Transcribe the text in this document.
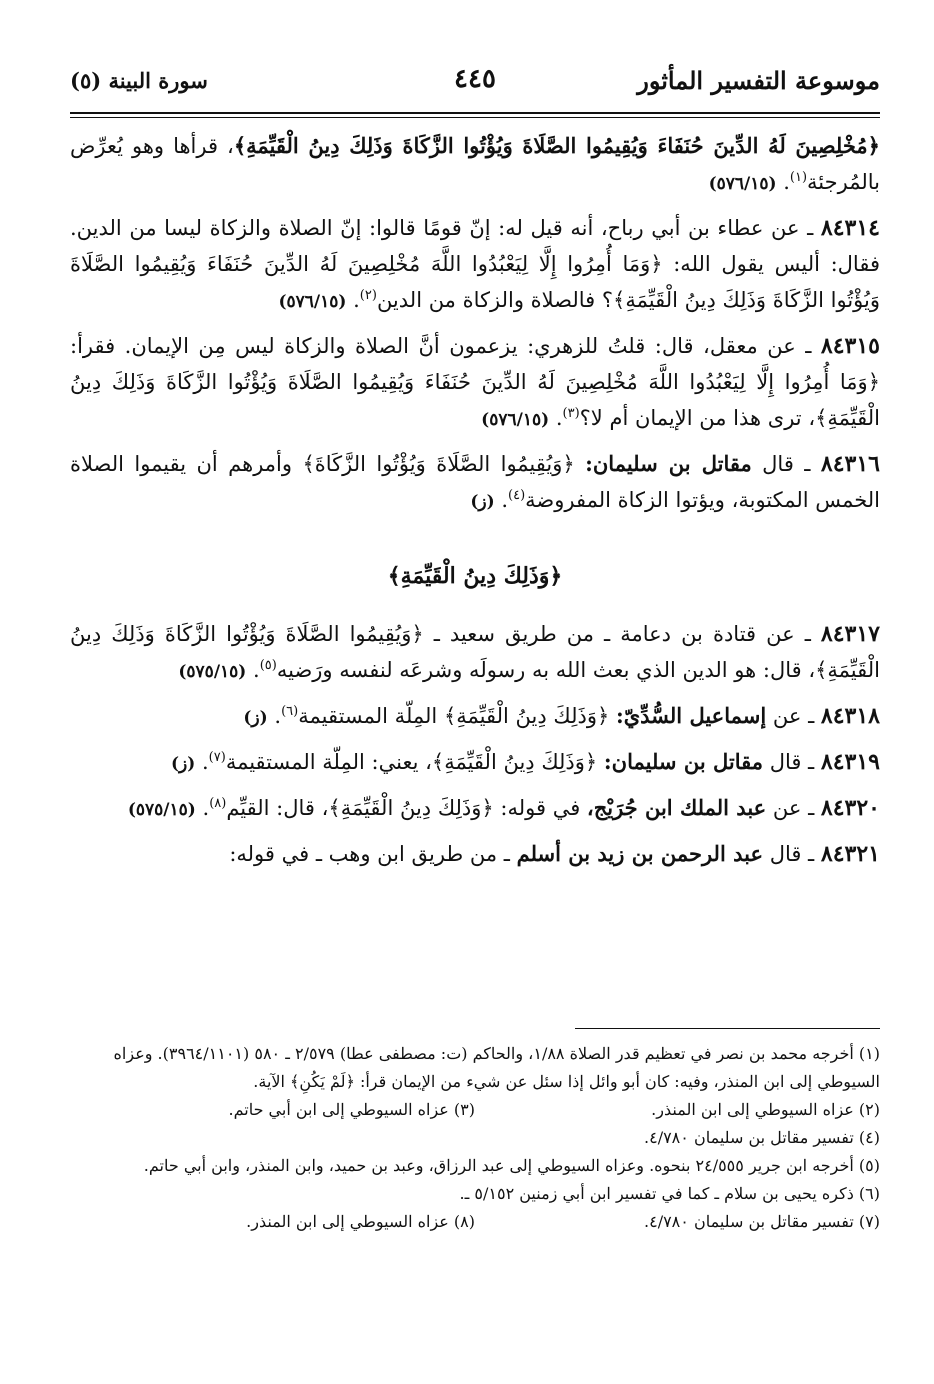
موسوعة التفسير المأثور
٤٤٥
سورة البينة (٥)

﴿مُخْلِصِينَ لَهُ الدِّينَ حُنَفَاءَ وَيُقِيمُوا الصَّلَاةَ وَيُؤْتُوا الزَّكَاةَ وَذَلِكَ دِينُ الْقَيِّمَةِ﴾، قرأها وهو يُعرِّض بالمُرجئة$^{(١)}$. (٥٧٦/١٥)

٨٤٣١٤ ـ عن عطاء بن أبي رباح، أنه قيل له: إنّ قومًا قالوا: إنّ الصلاة والزكاة ليسا من الدين. فقال: أليس يقول الله: ﴿وَمَا أُمِرُوا إِلَّا لِيَعْبُدُوا اللَّهَ مُخْلِصِينَ لَهُ الدِّينَ حُنَفَاءَ وَيُقِيمُوا الصَّلَاةَ وَيُؤْتُوا الزَّكَاةَ وَذَلِكَ دِينُ الْقَيِّمَةِ﴾؟ فالصلاة والزكاة من الدين$^{(٢)}$. (٥٧٦/١٥)

٨٤٣١٥ ـ عن معقل، قال: قلتُ للزهري: يزعمون أنَّ الصلاة والزكاة ليس مِن الإيمان. فقرأ: ﴿وَمَا أُمِرُوا إِلَّا لِيَعْبُدُوا اللَّهَ مُخْلِصِينَ لَهُ الدِّينَ حُنَفَاءَ وَيُقِيمُوا الصَّلَاةَ وَيُؤْتُوا الزَّكَاةَ وَذَلِكَ دِينُ الْقَيِّمَةِ﴾، ترى هذا من الإيمان أم لا؟$^{(٣)}$. (٥٧٦/١٥)

٨٤٣١٦ ـ قال مقاتل بن سليمان: ﴿وَيُقِيمُوا الصَّلَاةَ وَيُؤْتُوا الزَّكَاةَ﴾ وأمرهم أن يقيموا الصلاة الخمس المكتوبة، ويؤتوا الزكاة المفروضة$^{(٤)}$. (ز)

﴿وَذَلِكَ دِينُ الْقَيِّمَةِ﴾

٨٤٣١٧ ـ عن قتادة بن دعامة ـ من طريق سعيد ـ ﴿وَيُقِيمُوا الصَّلَاةَ وَيُؤْتُوا الزَّكَاةَ وَذَلِكَ دِينُ الْقَيِّمَةِ﴾، قال: هو الدين الذي بعث الله به رسولَه وشرعَه لنفسه ورَضيه$^{(٥)}$. (٥٧٥/١٥)

٨٤٣١٨ ـ عن إسماعيل السُّدِّيّ: ﴿وَذَلِكَ دِينُ الْقَيِّمَةِ﴾ المِلّة المستقيمة$^{(٦)}$. (ز)

٨٤٣١٩ ـ قال مقاتل بن سليمان: ﴿وَذَلِكَ دِينُ الْقَيِّمَةِ﴾، يعني: المِلّة المستقيمة$^{(٧)}$. (ز)

٨٤٣٢٠ ـ عن عبد الملك ابن جُرَيْج، في قوله: ﴿وَذَلِكَ دِينُ الْقَيِّمَةِ﴾، قال: القيِّم$^{(٨)}$. (٥٧٥/١٥)

٨٤٣٢١ ـ قال عبد الرحمن بن زيد بن أسلم ـ من طريق ابن وهب ـ في قوله:

(١) أخرجه محمد بن نصر في تعظيم قدر الصلاة ١/٨٨، والحاكم (ت: مصطفى عطا) ٢/٥٧٩ ـ ٥٨٠ (٣٩٦٤/١١٠١). وعزاه السيوطي إلى ابن المنذر، وفيه: كان أبو وائل إذا سئل عن شيء من الإيمان قرأ: ﴿لَمْ يَكُنِ﴾ الآية.

(٢) عزاه السيوطي إلى ابن المنذر.
(٣) عزاه السيوطي إلى ابن أبي حاتم.

(٤) تفسير مقاتل بن سليمان ٤/٧٨٠.

(٥) أخرجه ابن جرير ٢٤/٥٥٥ بنحوه. وعزاه السيوطي إلى عبد الرزاق، وعبد بن حميد، وابن المنذر، وابن أبي حاتم.

(٦) ذكره يحيى بن سلام ـ كما في تفسير ابن أبي زمنين ٥/١٥٢ ـ.

(٧) تفسير مقاتل بن سليمان ٤/٧٨٠.
(٨) عزاه السيوطي إلى ابن المنذر.
